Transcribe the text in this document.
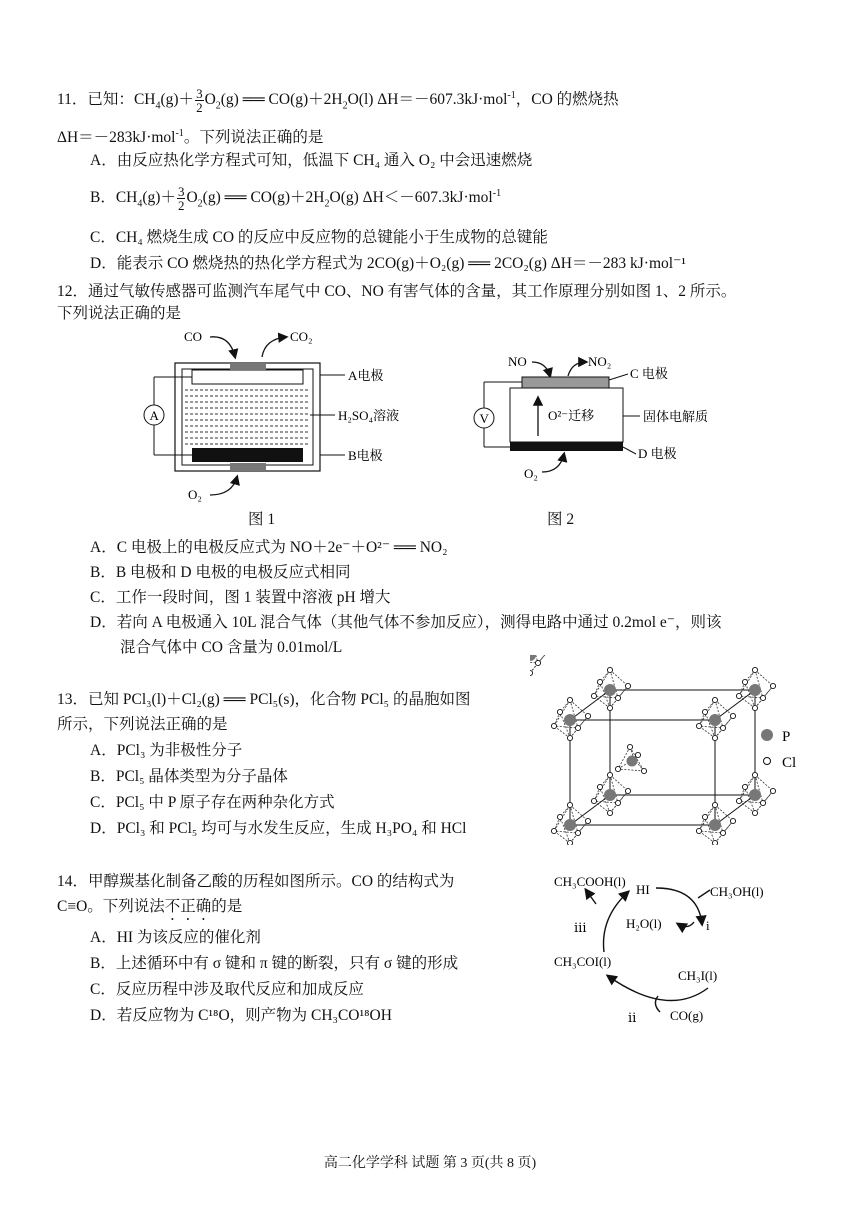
11．已知：$CH_4(g)+ \frac{3}{2} O_2(g)$ ══ $CO(g)+2H_2O(l)$ ΔH＝－607.3kJ·mol$^{-1}$，CO 的燃烧热
ΔH＝－283kJ·mol$^{-1}$。下列说法正确的是
A．由反应热化学方程式可知，低温下 CH₄ 通入 O₂ 中会迅速燃烧
B．$CH_4(g)+ \frac{3}{2} O_2(g)$ ══ $CO(g)+2H_2O(g)$ ΔH＜－607.3kJ·mol$^{-1}$
C．CH₄ 燃烧生成 CO 的反应中反应物的总键能小于生成物的总键能
D．能表示 CO 燃烧热的热化学方程式为 2CO(g)＋O₂(g) ══ 2CO₂(g) ΔH＝－283 kJ·mol⁻¹
12．通过气敏传感器可监测汽车尾气中 CO、NO 有害气体的含量，其工作原理分别如图 1、2 所示。
下列说法正确的是
CO	CO₂
A
A电极
H₂SO₄溶液
B电极
O₂
图 1
NO	NO₂
O²⁻迁移
V
C 电极
固体电解质
D 电极
O₂
图 2
A．C 电极上的电极反应式为 NO＋2e⁻＋O²⁻ ══ NO₂
B．B 电极和 D 电极的电极反应式相同
C．工作一段时间，图 1 装置中溶液 pH 增大
D．若向 A 电极通入 10L 混合气体（其他气体不参加反应），测得电路中通过 0.2mol e⁻，则该
混合气体中 CO 含量为 0.01mol/L
13．已知 PCl₃(l)＋Cl₂(g) ══ PCl₅(s)，化合物 PCl₅ 的晶胞如图
所示，下列说法正确的是
A．PCl₃ 为非极性分子
B．PCl₅ 晶体类型为分子晶体
C．PCl₅ 中 P 原子存在两种杂化方式
D．PCl₃ 和 PCl₅ 均可与水发生反应，生成 H₃PO₄ 和 HCl
P
Cl
14．甲醇羰基化制备乙酸的历程如图所示。CO 的结构式为
C≡O。下列说法不正确的是
A．HI 为该反应的催化剂
B．上述循环中有 σ 键和 π 键的断裂，只有 σ 键的形成
C．反应历程中涉及取代反应和加成反应
D．若反应物为 C¹⁸O，则产物为 CH₃CO¹⁸OH
CH₃COOH(l)
HI	CH₃OH(l)
H₂O(l)
ⅲ	i
CH₃COI(l)
CH₃I(l)
ⅱ	CO(g)
高二化学学科 试题 第 3 页(共 8 页)
